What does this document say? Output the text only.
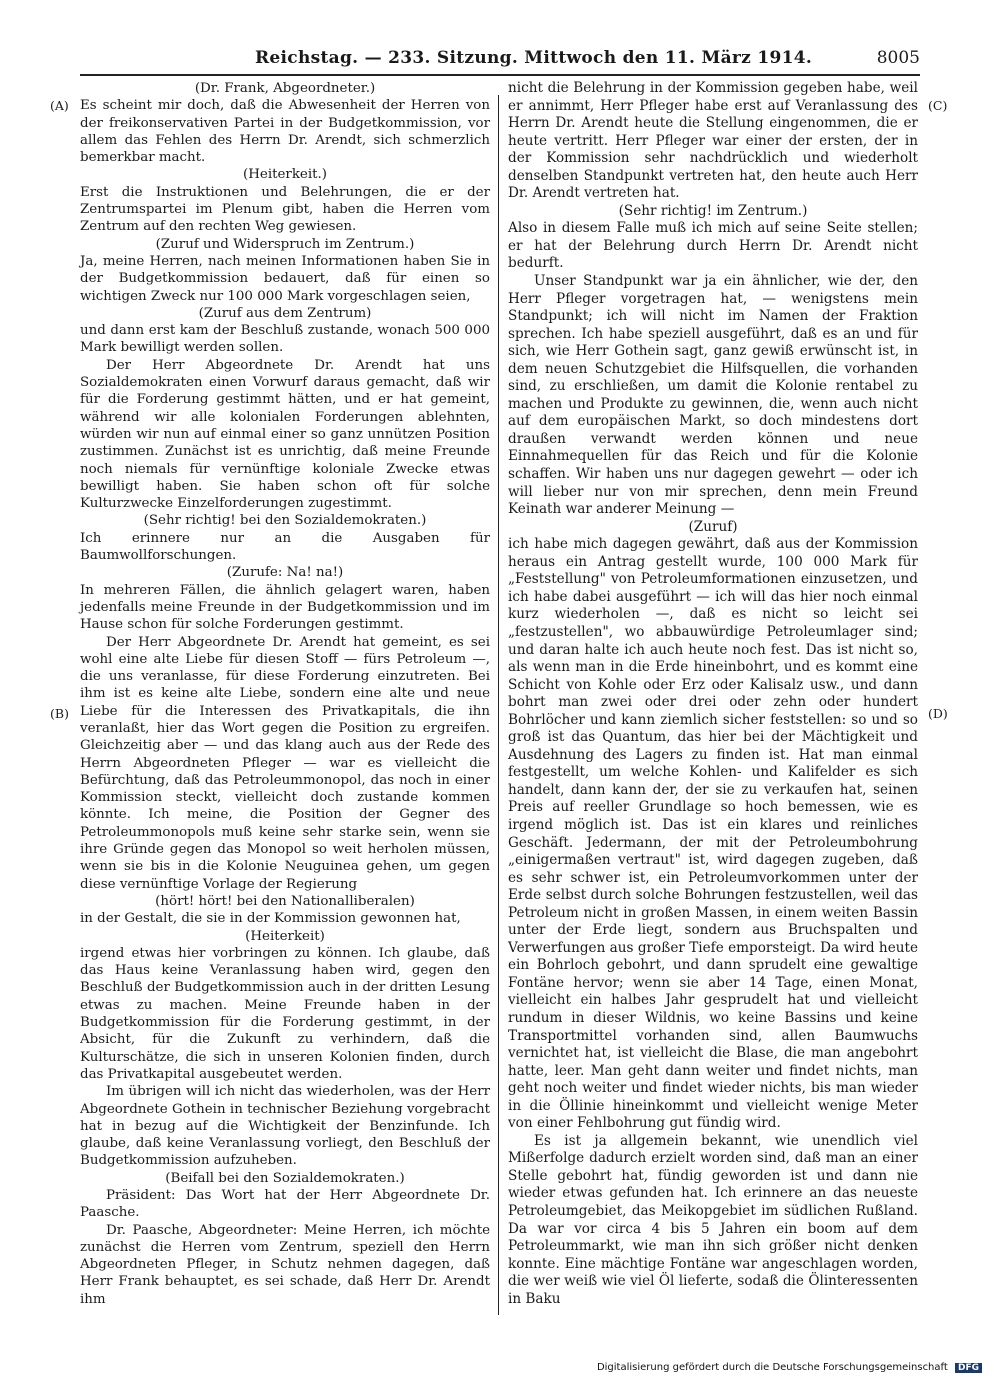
Reichstag. — 233. Sitzung. Mittwoch den 11. März 1914.	8005
(A)
(B)
(C)
(D)

(Dr. Frank, Abgeordneter.)

Es scheint mir doch, daß die Abwesenheit der Herren von der freikonservativen Partei in der Budgetkommission, vor allem das Fehlen des Herrn Dr. Arendt, sich schmerzlich bemerkbar macht.

(Heiterkeit.)

Erst die Instruktionen und Belehrungen, die er der Zentrumspartei im Plenum gibt, haben die Herren vom Zentrum auf den rechten Weg gewiesen.

(Zuruf und Widerspruch im Zentrum.)

Ja, meine Herren, nach meinen Informationen haben Sie in der Budgetkommission bedauert, daß für einen so wichtigen Zweck nur 100 000 Mark vorgeschlagen seien,

(Zuruf aus dem Zentrum)

und dann erst kam der Beschluß zustande, wonach 500 000 Mark bewilligt werden sollen.

Der Herr Abgeordnete Dr. Arendt hat uns Sozialdemokraten einen Vorwurf daraus gemacht, daß wir für die Forderung gestimmt hätten, und er hat gemeint, während wir alle kolonialen Forderungen ablehnten, würden wir nun auf einmal einer so ganz unnützen Position zustimmen. Zunächst ist es unrichtig, daß meine Freunde noch niemals für vernünftige koloniale Zwecke etwas bewilligt haben. Sie haben schon oft für solche Kulturzwecke Einzelforderungen zugestimmt.

(Sehr richtig! bei den Sozialdemokraten.)

Ich erinnere nur an die Ausgaben für Baumwollforschungen.

(Zurufe: Na! na!)

In mehreren Fällen, die ähnlich gelagert waren, haben jedenfalls meine Freunde in der Budgetkommission und im Hause schon für solche Forderungen gestimmt.

Der Herr Abgeordnete Dr. Arendt hat gemeint, es sei wohl eine alte Liebe für diesen Stoff — fürs Petroleum —, die uns veranlasse, für diese Forderung einzutreten. Bei ihm ist es keine alte Liebe, sondern eine alte und neue Liebe für die Interessen des Privatkapitals, die ihn veranlaßt, hier das Wort gegen die Position zu ergreifen. Gleichzeitig aber — und das klang auch aus der Rede des Herrn Abgeordneten Pfleger — war es vielleicht die Befürchtung, daß das Petroleummonopol, das noch in einer Kommission steckt, vielleicht doch zustande kommen könnte. Ich meine, die Position der Gegner des Petroleummonopols muß keine sehr starke sein, wenn sie ihre Gründe gegen das Monopol so weit herholen müssen, wenn sie bis in die Kolonie Neuguinea gehen, um gegen diese vernünftige Vorlage der Regierung

(hört! hört! bei den Nationalliberalen)

in der Gestalt, die sie in der Kommission gewonnen hat,

(Heiterkeit)

irgend etwas hier vorbringen zu können. Ich glaube, daß das Haus keine Veranlassung haben wird, gegen den Beschluß der Budgetkommission auch in der dritten Lesung etwas zu machen. Meine Freunde haben in der Budgetkommission für die Forderung gestimmt, in der Absicht, für die Zukunft zu verhindern, daß die Kulturschätze, die sich in unseren Kolonien finden, durch das Privatkapital ausgebeutet werden.

Im übrigen will ich nicht das wiederholen, was der Herr Abgeordnete Gothein in technischer Beziehung vorgebracht hat in bezug auf die Wichtigkeit der Benzinfunde. Ich glaube, daß keine Veranlassung vorliegt, den Beschluß der Budgetkommission aufzuheben.

(Beifall bei den Sozialdemokraten.)

Präsident: Das Wort hat der Herr Abgeordnete Dr. Paasche.

Dr. Paasche, Abgeordneter: Meine Herren, ich möchte zunächst die Herren vom Zentrum, speziell den Herrn Abgeordneten Pfleger, in Schutz nehmen dagegen, daß Herr Frank behauptet, es sei schade, daß Herr Dr. Arendt ihm

nicht die Belehrung in der Kommission gegeben habe, weil er annimmt, Herr Pfleger habe erst auf Veranlassung des Herrn Dr. Arendt heute die Stellung eingenommen, die er heute vertritt. Herr Pfleger war einer der ersten, der in der Kommission sehr nachdrücklich und wiederholt denselben Standpunkt vertreten hat, den heute auch Herr Dr. Arendt vertreten hat.

(Sehr richtig! im Zentrum.)

Also in diesem Falle muß ich mich auf seine Seite stellen; er hat der Belehrung durch Herrn Dr. Arendt nicht bedurft.

Unser Standpunkt war ja ein ähnlicher, wie der, den Herr Pfleger vorgetragen hat, — wenigstens mein Standpunkt; ich will nicht im Namen der Fraktion sprechen. Ich habe speziell ausgeführt, daß es an und für sich, wie Herr Gothein sagt, ganz gewiß erwünscht ist, in dem neuen Schutzgebiet die Hilfsquellen, die vorhanden sind, zu erschließen, um damit die Kolonie rentabel zu machen und Produkte zu gewinnen, die, wenn auch nicht auf dem europäischen Markt, so doch mindestens dort draußen verwandt werden können und neue Einnahmequellen für das Reich und für die Kolonie schaffen. Wir haben uns nur dagegen gewehrt — oder ich will lieber nur von mir sprechen, denn mein Freund Keinath war anderer Meinung —

(Zuruf)

ich habe mich dagegen gewährt, daß aus der Kommission heraus ein Antrag gestellt wurde, 100 000 Mark für „Feststellung" von Petroleumformationen einzusetzen, und ich habe dabei ausgeführt — ich will das hier noch einmal kurz wiederholen —, daß es nicht so leicht sei „festzustellen", wo abbauwürdige Petroleumlager sind; und daran halte ich auch heute noch fest. Das ist nicht so, als wenn man in die Erde hineinbohrt, und es kommt eine Schicht von Kohle oder Erz oder Kalisalz usw., und dann bohrt man zwei oder drei oder zehn oder hundert Bohrlöcher und kann ziemlich sicher feststellen: so und so groß ist das Quantum, das hier bei der Mächtigkeit und Ausdehnung des Lagers zu finden ist. Hat man einmal festgestellt, um welche Kohlen- und Kalifelder es sich handelt, dann kann der, der sie zu verkaufen hat, seinen Preis auf reeller Grundlage so hoch bemessen, wie es irgend möglich ist. Das ist ein klares und reinliches Geschäft. Jedermann, der mit der Petroleumbohrung „einigermaßen vertraut" ist, wird dagegen zugeben, daß es sehr schwer ist, ein Petroleumvorkommen unter der Erde selbst durch solche Bohrungen festzustellen, weil das Petroleum nicht in großen Massen, in einem weiten Bassin unter der Erde liegt, sondern aus Bruchspalten und Verwerfungen aus großer Tiefe emporsteigt. Da wird heute ein Bohrloch gebohrt, und dann sprudelt eine gewaltige Fontäne hervor; wenn sie aber 14 Tage, einen Monat, vielleicht ein halbes Jahr gesprudelt hat und vielleicht rundum in dieser Wildnis, wo keine Bassins und keine Transportmittel vorhanden sind, allen Baumwuchs vernichtet hat, ist vielleicht die Blase, die man angebohrt hatte, leer. Man geht dann weiter und findet nichts, man geht noch weiter und findet wieder nichts, bis man wieder in die Öllinie hineinkommt und vielleicht wenige Meter von einer Fehlbohrung gut fündig wird.

Es ist ja allgemein bekannt, wie unendlich viel Mißerfolge dadurch erzielt worden sind, daß man an einer Stelle gebohrt hat, fündig geworden ist und dann nie wieder etwas gefunden hat. Ich erinnere an das neueste Petroleumgebiet, das Meikopgebiet im südlichen Rußland. Da war vor circa 4 bis 5 Jahren ein boom auf dem Petroleummarkt, wie man ihn sich größer nicht denken konnte. Eine mächtige Fontäne war angeschlagen worden, die wer weiß wie viel Öl lieferte, sodaß die Ölinteressenten in Baku

Digitalisierung gefördert durch die Deutsche Forschungsgemeinschaft DFG
